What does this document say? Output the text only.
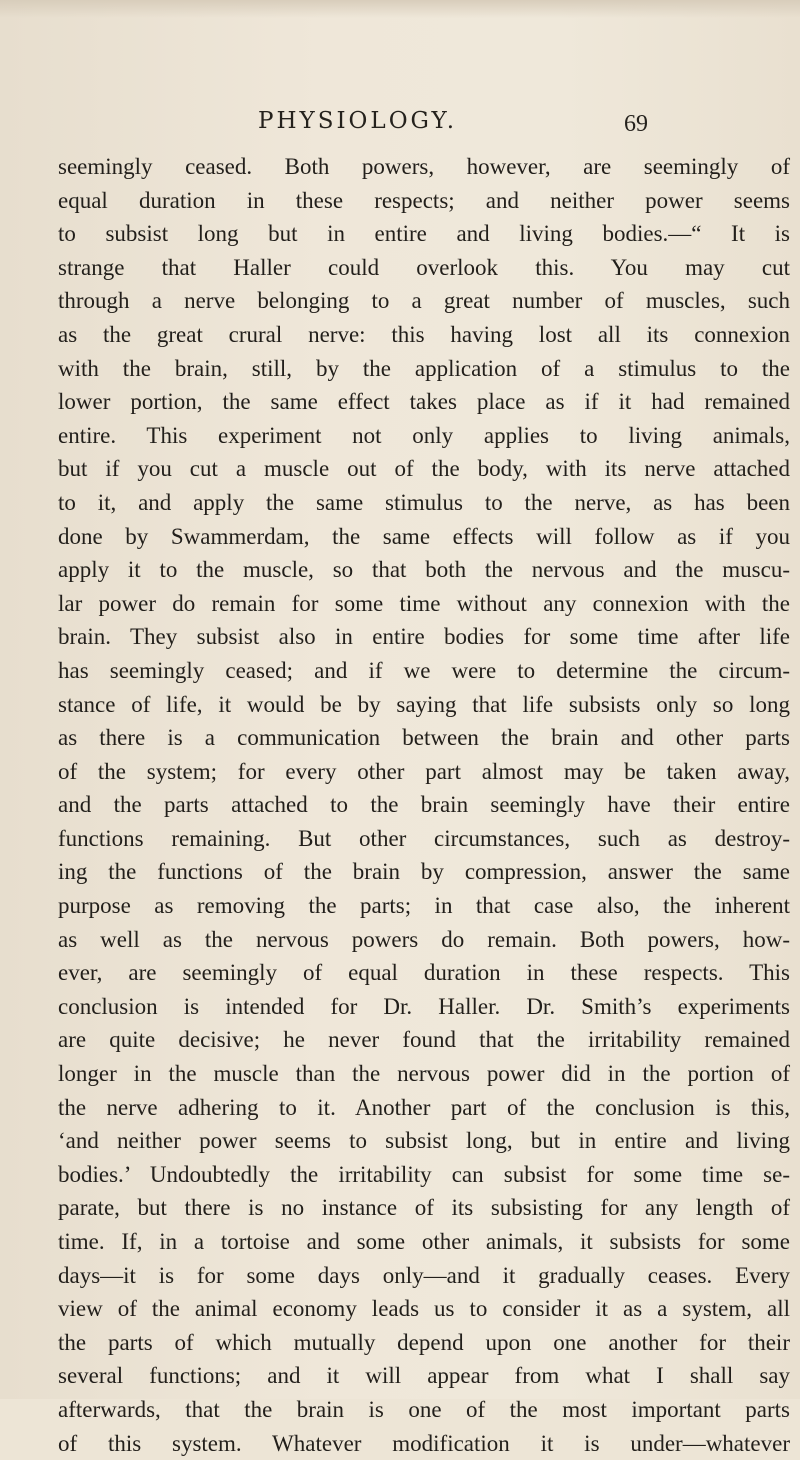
PHYSIOLOGY.	69
seemingly ceased. Both powers, however, are seemingly of
equal duration in these respects; and neither power seems
to subsist long but in entire and living bodies.—“ It is
strange that Haller could overlook this. You may cut
through a nerve belonging to a great number of muscles, such
as the great crural nerve: this having lost all its connexion
with the brain, still, by the application of a stimulus to the
lower portion, the same effect takes place as if it had remained
entire. This experiment not only applies to living animals,
but if you cut a muscle out of the body, with its nerve attached
to it, and apply the same stimulus to the nerve, as has been
done by Swammerdam, the same effects will follow as if you
apply it to the muscle, so that both the nervous and the muscu-
lar power do remain for some time without any connexion with the
brain. They subsist also in entire bodies for some time after life
has seemingly ceased; and if we were to determine the circum-
stance of life, it would be by saying that life subsists only so long
as there is a communication between the brain and other parts
of the system; for every other part almost may be taken away,
and the parts attached to the brain seemingly have their entire
functions remaining. But other circumstances, such as destroy-
ing the functions of the brain by compression, answer the same
purpose as removing the parts; in that case also, the inherent
as well as the nervous powers do remain. Both powers, how-
ever, are seemingly of equal duration in these respects. This
conclusion is intended for Dr. Haller. Dr. Smith’s experiments
are quite decisive; he never found that the irritability remained
longer in the muscle than the nervous power did in the portion of
the nerve adhering to it. Another part of the conclusion is this,
‘and neither power seems to subsist long, but in entire and living
bodies.’ Undoubtedly the irritability can subsist for some time se-
parate, but there is no instance of its subsisting for any length of
time. If, in a tortoise and some other animals, it subsists for some
days—it is for some days only—and it gradually ceases. Every
view of the animal economy leads us to consider it as a system, all
the parts of which mutually depend upon one another for their
several functions; and it will appear from what I shall say
afterwards, that the brain is one of the most important parts
of this system. Whatever modification it is under—whatever
